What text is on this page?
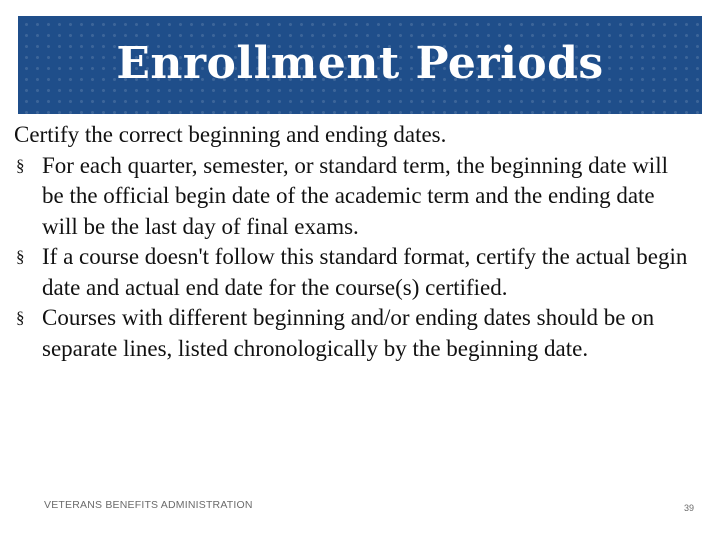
Enrollment Periods

Certify the correct beginning and ending dates.

§ For each quarter, semester, or standard term, the beginning date will be the official begin date of the academic term and the ending date will be the last day of final exams.
§ If a course doesn't follow this standard format, certify the actual begin date and actual end date for the course(s) certified.
§ Courses with different beginning and/or ending dates should be on separate lines, listed chronologically by the beginning date.
VETERANS BENEFITS ADMINISTRATION	39
